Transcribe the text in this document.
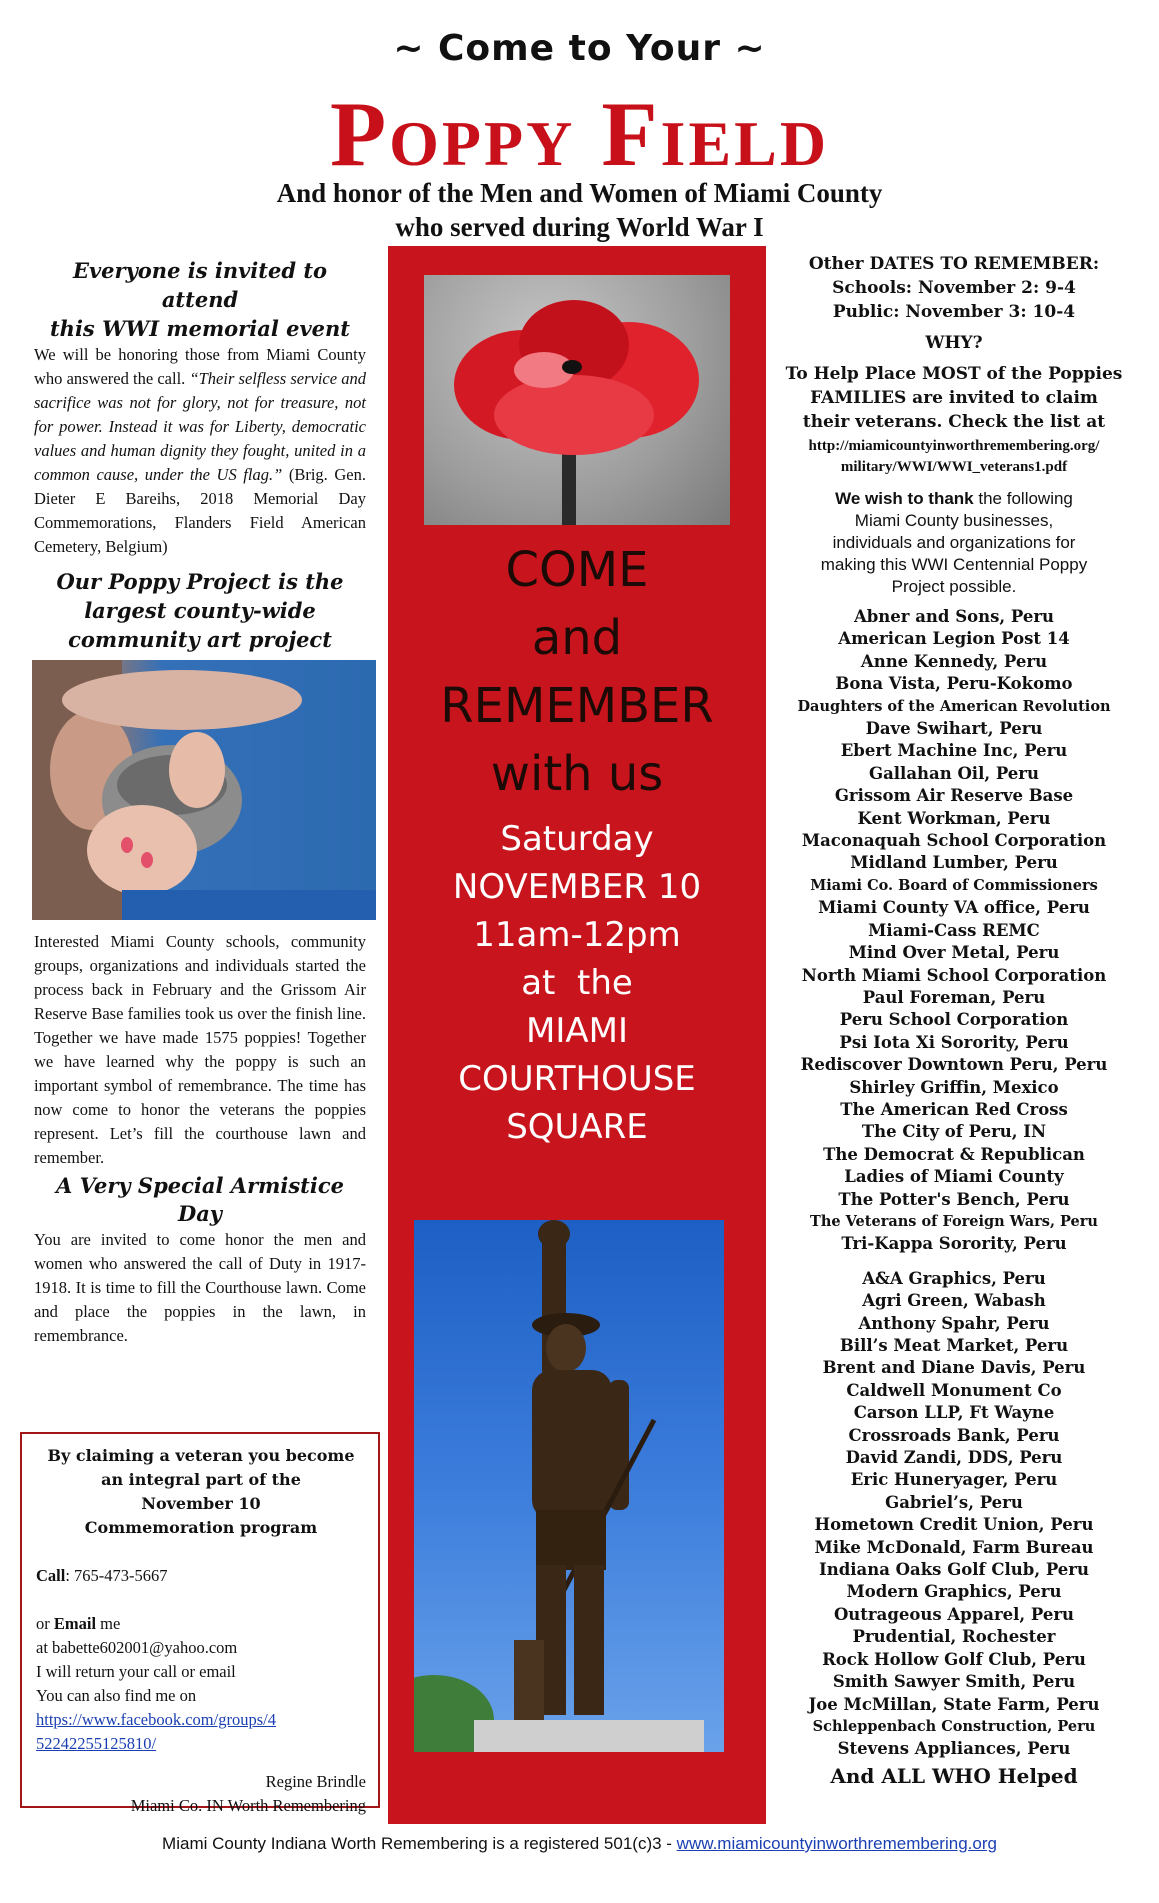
~ Come to Your ~
Poppy Field
And honor of the Men and Women of Miami County
who served during World War I
Everyone is invited to attend
this WWI memorial event

We will be honoring those from Miami County who answered the call. “Their selfless service and sacrifice was not for glory, not for treasure, not for power. Instead it was for Liberty, democratic values and human dignity they fought, united in a common cause, under the US flag.” (Brig. Gen. Dieter E Bareihs, 2018 Memorial Day Commemorations, Flanders Field American Cemetery, Belgium)

Our Poppy Project is the
largest county-wide
community art project

Interested Miami County schools, community groups, organizations and individuals started the process back in February and the Grissom Air Reserve Base families took us over the finish line. Together we have made 1575 poppies! Together we have learned why the poppy is such an important symbol of remembrance. The time has now come to honor the veterans the poppies represent. Let’s fill the courthouse lawn and remember.

A Very Special Armistice Day

You are invited to come honor the men and women who answered the call of Duty in 1917-1918. It is time to fill the Courthouse lawn. Come and place the poppies in the lawn, in remembrance.

By claiming a veteran you become
an integral part of the
November 10
Commemoration program
Call: 765-473-5667
or Email me
at babette602001@yahoo.com
I will return your call or email
You can also find me on
https://www.facebook.com/groups/4
52242255125810/
Regine Brindle
Miami Co. IN Worth Remembering
COME
and
REMEMBER
with us
Saturday
NOVEMBER 10
11am-12pm
at  the
MIAMI
COURTHOUSE
SQUARE
Other DATES TO REMEMBER:
Schools: November 2: 9-4
Public: November 3: 10-4
WHY?
To Help Place MOST of the Poppies
FAMILIES are invited to claim
their veterans. Check the list at
http://miamicountyinworthremembering.org/
military/WWI/WWI_veterans1.pdf
We wish to thank the following
Miami County businesses,
individuals and organizations for
making this WWI Centennial Poppy
Project possible.
Abner and Sons, Peru
American Legion Post 14
Anne Kennedy, Peru
Bona Vista, Peru-Kokomo
Daughters of the American Revolution
Dave Swihart, Peru
Ebert Machine Inc, Peru
Gallahan Oil, Peru
Grissom Air Reserve Base
Kent Workman, Peru
Maconaquah School Corporation
Midland Lumber, Peru
Miami Co. Board of Commissioners
Miami County VA office, Peru
Miami-Cass REMC
Mind Over Metal, Peru
North Miami School Corporation
Paul Foreman, Peru
Peru School Corporation
Psi Iota Xi Sorority, Peru
Rediscover Downtown Peru, Peru
Shirley Griffin, Mexico
The American Red Cross
The City of Peru, IN
The Democrat & Republican
Ladies of Miami County
The Potter's Bench, Peru
The Veterans of Foreign Wars, Peru
Tri-Kappa Sorority, Peru
A&A Graphics, Peru
Agri Green, Wabash
Anthony Spahr, Peru
Bill’s Meat Market, Peru
Brent and Diane Davis, Peru
Caldwell Monument Co
Carson LLP, Ft Wayne
Crossroads Bank, Peru
David Zandi, DDS, Peru
Eric Huneryager, Peru
Gabriel’s, Peru
Hometown Credit Union, Peru
Mike McDonald, Farm Bureau
Indiana Oaks Golf Club, Peru
Modern Graphics, Peru
Outrageous Apparel, Peru
Prudential, Rochester
Rock Hollow Golf Club, Peru
Smith Sawyer Smith, Peru
Joe McMillan, State Farm, Peru
Schleppenbach Construction, Peru
Stevens Appliances, Peru
And ALL WHO Helped
Miami County Indiana Worth Remembering is a registered 501(c)3 - www.miamicountyinworthremembering.org
